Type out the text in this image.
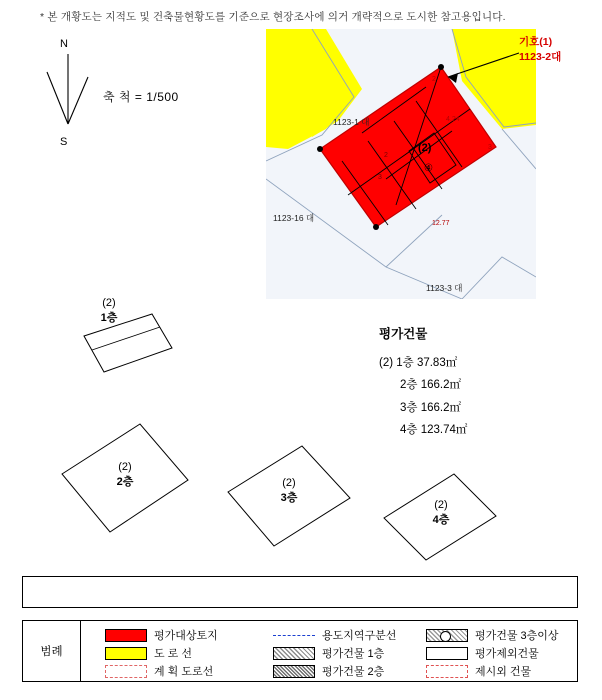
N
S
축 척 = 1/500
2
4.24
3
2
3
12.77
(2)
④
1123-1 대
1123-16 대
1123-3 대
기호(1)
1123-2대
(2)
1층
(2)
2층	(2)
3층
(2)
4층
평가건물
(2) 1층 37.83㎡
2층 166.2㎡
3층 166.2㎡
4층 123.74㎡
* 본 개황도는 지적도 및 건축물현황도를 기준으로 현장조사에 의거 개략적으로 도시한 참고용입니다.
범례
평가대상토지
도 로 선
계 획 도로선
용도지역구분선
평가건물 1층
평가건물 2층
평가건물 3층이상
평가제외건물
제시외 건물
